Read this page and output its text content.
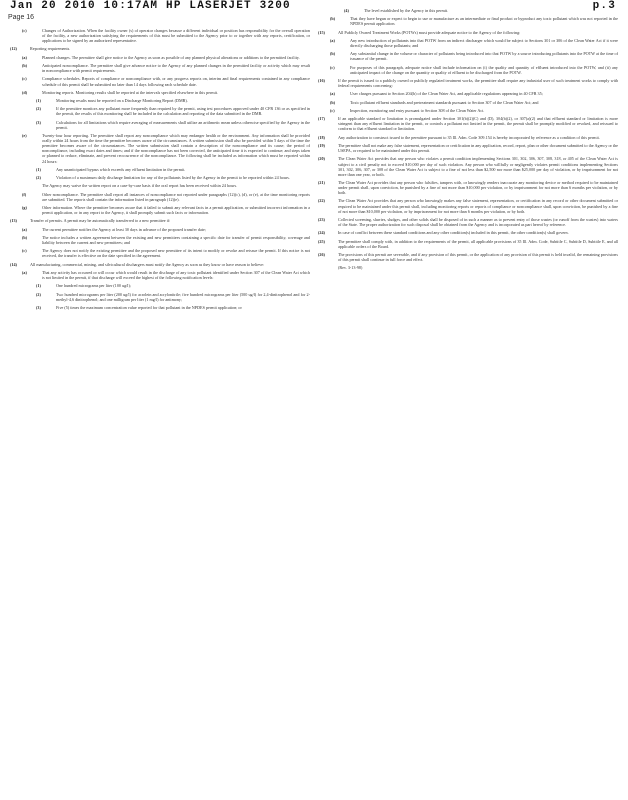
Jan 20 2010 10:17AM HP LASERJET 3200	p.3
Page 16
(c)	Changes of Authorization. When the facility owner (s) of operator changes because a different individual or position has responsibility for the overall operation of the facility, a new authorization satisfying the requirements of this must be submitted to the Agency prior to or together with any reports, certification, or applications to be signed by an authorized representative.
(12)	Reporting requirements.
(a)	Planned changes. The permittee shall give notice to the Agency as soon as possible of any planned physical alterations or additions to the permitted facility.
(b)	Anticipated noncompliance. The permittee shall give advance notice to the Agency of any planned changes in the permitted facility or activity which may result in noncompliance with permit requirements.
(c)	Compliance schedules. Reports of compliance or noncompliance with, or any progress reports on, interim and final requirements contained in any compliance schedule of this permit shall be submitted no later than 14 days following each schedule date.
(d)	Monitoring reports. Monitoring results shall be reported at the intervals specified elsewhere in this permit.
(1)	Monitoring results must be reported on a Discharge Monitoring Report (DMR).
(2)	If the permittee monitors any pollutant more frequently than required by the permit, using test procedures approved under 40 CFR 136 or as specified in the permit, the results of this monitoring shall be included in the calculation and reporting of the data submitted in the DMR.
(3)	Calculations for all limitations which require averaging of measurements shall utilize an arithmetic mean unless otherwise specified by the Agency in the permit.
(e)	Twenty-four hour reporting. The permittee shall report any noncompliance which may endanger health or the environment. Any information shall be provided orally within 24 hours from the time the permittee becomes aware of the circumstances. A written submission shall also be provided within 5 days of the time the permittee becomes aware of the circumstances. The written submission shall contain a description of the noncompliance and its cause; the period of noncompliance, including exact dates and times; and if the noncompliance has not been corrected, the anticipated time it is expected to continue; and steps taken or planned to reduce, eliminate, and prevent reoccurrence of the noncompliance. The following shall be included as information which must be reported within 24 hours:
(1)	Any unanticipated bypass which exceeds any effluent limitation in the permit.
(2)	Violation of a maximum daily discharge limitation for any of the pollutants listed by the Agency in the permit to be reported within 24 hours.
The Agency may waive the written report on a case-by-case basis if the oral report has been received within 24 hours.
(f)	Other noncompliance. The permittee shall report all instances of noncompliance not reported under paragraphs (12)(c), (d), or (e), at the time monitoring reports are submitted. The reports shall contain the information listed in paragraph (12)(e).
(g)	Other information. Where the permittee becomes aware that it failed to submit any relevant facts in a permit application, or submitted incorrect information in a permit application, or in any report to the Agency, it shall promptly submit such facts or information.
(13)	Transfer of permits. A permit may be automatically transferred to a new permittee if:
(a)	The current permittee notifies the Agency at least 30 days in advance of the proposed transfer date;
(b)	The notice includes a written agreement between the existing and new permittees containing a specific date for transfer of permit responsibility, coverage and liability between the current and new permittees; and
(c)	The Agency does not notify the existing permittee and the proposed new permittee of its intent to modify or revoke and reissue the permit. If this notice is not received, the transfer is effective on the date specified in the agreement.
(14)	All manufacturing, commercial, mining, and silvicultural dischargers must notify the Agency as soon as they know or have reason to believe:
(a)	That any activity has occurred or will occur which would result in the discharge of any toxic pollutant identified under Section 307 of the Clean Water Act which is not limited in the permit, if that discharge will exceed the highest of the following notification levels:
(1)	One hundred micrograms per liter (100 ug/l);
(2)	Two hundred micrograms per liter (200 ug/l) for acrolein and acrylonitrile; five hundred micrograms per liter (500 ug/l) for 2,4-dinitrophenol and for 2-methyl-4,6 dinitrophenol; and one milligram per liter (1 mg/l) for antimony;
(3)	Five (5) times the maximum concentration value reported for that pollutant in the NPDES permit application; or
(4)	The level established by the Agency in this permit.
(b)	That they have begun or expect to begin to use or manufacture as an intermediate or final product or byproduct any toxic pollutant which was not reported in the NPDES permit application.
(15)	All Publicly Owned Treatment Works (POTWs) must provide adequate notice to the Agency of the following:
(a)	Any new introduction of pollutants into that POTW from an indirect discharger which would be subject to Sections 301 or 306 of the Clean Water Act if it were directly discharging those pollutants; and
(b)	Any substantial change in the volume or character of pollutants being introduced into that POTW by a source introducing pollutants into the POTW at the time of issuance of the permit.
(c)	For purposes of this paragraph, adequate notice shall include information on (i) the quality and quantity of effluent introduced into the POTW, and (ii) any anticipated impact of the change on the quantity or quality of effluent to be discharged from the POTW.
(16)	If the permit is issued to a publicly owned or publicly regulated treatment works, the permittee shall require any industrial user of such treatment works to comply with federal requirements concerning:
(a)	User charges pursuant to Section 204(b) of the Clean Water Act, and applicable regulations appearing in 40 CFR 35;
(b)	Toxic pollutant effluent standards and pretreatment standards pursuant to Section 307 of the Clean Water Act; and
(c)	Inspection, monitoring and entry pursuant to Section 308 of the Clean Water Act.
(17)	If an applicable standard or limitation is promulgated under Section 301(b)(2)(C) and (D), 304(b)(2), or 307(a)(2) and that effluent standard or limitation is more stringent than any effluent limitation in the permit, or controls a pollutant not limited in the permit, the permit shall be promptly modified or revoked, and reissued to conform to that effluent standard or limitation.
(18)	Any authorization to construct issued to the permittee pursuant to 35 Ill. Adm. Code 309.154 is hereby incorporated by reference as a condition of this permit.
(19)	The permittee shall not make any false statement, representation or certification in any application, record, report, plan or other document submitted to the Agency or the USEPA, or required to be maintained under this permit.
(20)	The Clean Water Act provides that any person who violates a permit condition implementing Sections 301, 302, 306, 307, 308, 318, or 405 of the Clean Water Act is subject to a civil penalty not to exceed $10,000 per day of such violation. Any person who willfully or negligently violates permit conditions implementing Sections 301, 302, 306, 307, or 308 of the Clean Water Act is subject to a fine of not less than $2,500 nor more than $25,000 per day of violation, or by imprisonment for not more than one year, or both.
(21)	The Clean Water Act provides that any person who falsifies, tampers with, or knowingly renders inaccurate any monitoring device or method required to be maintained under permit shall, upon conviction, be punished by a fine of not more than $10,000 per violation, or by imprisonment for not more than 6 months per violation, or by both.
(22)	The Clean Water Act provides that any person who knowingly makes any false statement, representation, or certification in any record or other document submitted or required to be maintained under this permit shall, including monitoring reports or reports of compliance or noncompliance shall, upon conviction, be punished by a fine of not more than $10,000 per violation, or by imprisonment for not more than 6 months per violation, or by both.
(23)	Collected screening, slurries, sludges, and other solids shall be disposed of in such a manner as to prevent entry of those wastes (or runoff from the wastes) into waters of the State. The proper authorization for such disposal shall be obtained from the Agency and is incorporated as part hereof by reference.
(24)	In case of conflict between these standard conditions and any other condition(s) included in this permit, the other condition(s) shall govern.
(25)	The permittee shall comply with, in addition to the requirements of the permit, all applicable provisions of 35 Ill. Adm. Code, Subtitle C, Subtitle D, Subtitle E, and all applicable orders of the Board.
(26)	The provisions of this permit are severable, and if any provision of this permit, or the application of any provision of this permit is held invalid, the remaining provisions of this permit shall continue in full force and effect.
(Rev. 3-13-98)
